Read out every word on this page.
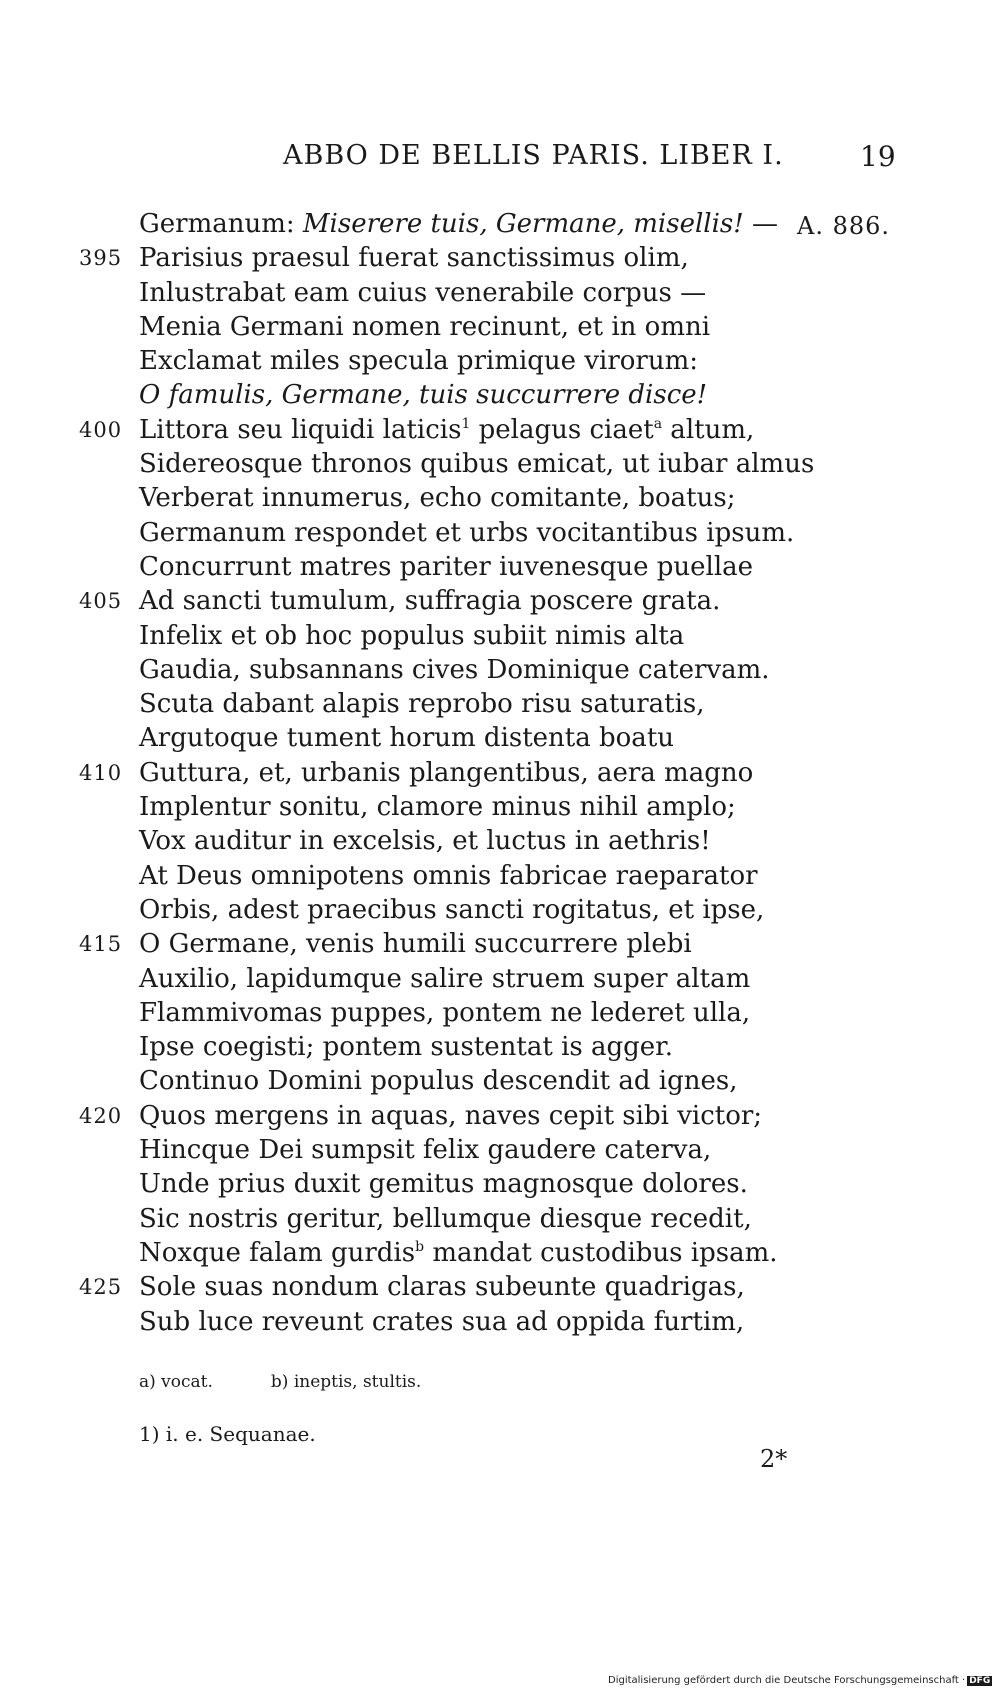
ABBO DE BELLIS PARIS. LIBER I.	19
A. 886.
Germanum: Miserere tuis, Germane, misellis! —
395 Parisius praesul fuerat sanctissimus olim,
Inlustrabat eam cuius venerabile corpus —
Menia Germani nomen recinunt, et in omni
Exclamat miles specula primique virorum:
O famulis, Germane, tuis succurrere disce!
400 Littora seu liquidi laticis$^1$ pelagus ciaet$^a$ altum,
Sidereosque thronos quibus emicat, ut iubar almus
Verberat innumerus, echo comitante, boatus;
Germanum respondet et urbs vocitantibus ipsum.
Concurrunt matres pariter iuvenesque puellae
405 Ad sancti tumulum, suffragia poscere grata.
Infelix et ob hoc populus subiit nimis alta
Gaudia, subsannans cives Dominique catervam.
Scuta dabant alapis reprobo risu saturatis,
Argutoque tument horum distenta boatu
410 Guttura, et, urbanis plangentibus, aera magno
Implentur sonitu, clamore minus nihil amplo;
Vox auditur in excelsis, et luctus in aethris!
At Deus omnipotens omnis fabricae raeparator
Orbis, adest praecibus sancti rogitatus, et ipse,
415 O Germane, venis humili succurrere plebi
Auxilio, lapidumque salire struem super altam
Flammivomas puppes, pontem ne lederet ulla,
Ipse coegisti; pontem sustentat is agger.
Continuo Domini populus descendit ad ignes,
420 Quos mergens in aquas, naves cepit sibi victor;
Hincque Dei sumpsit felix gaudere caterva,
Unde prius duxit gemitus magnosque dolores.
Sic nostris geritur, bellumque diesque recedit,
Noxque falam gurdis$^b$ mandat custodibus ipsam.
425 Sole suas nondum claras subeunte quadrigas,
Sub luce reveunt crates sua ad oppida furtim,
a) vocat.	b) ineptis, stultis.
1) i. e. Sequanae.
2*
Digitalisierung gefördert durch die Deutsche Forschungsgemeinschaft · DFG
